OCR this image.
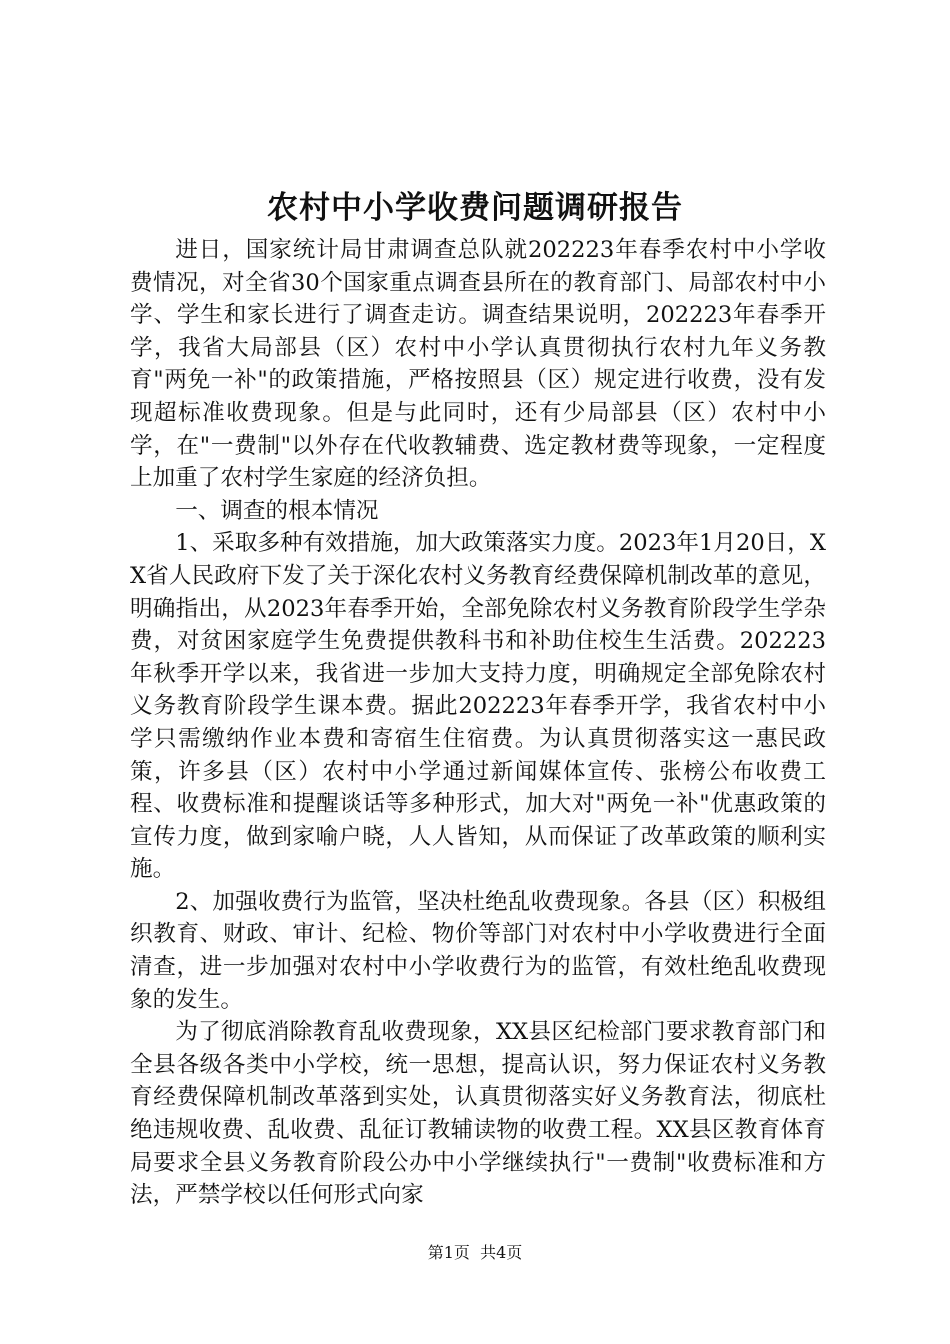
农村中小学收费问题调研报告

进日，国家统计局甘肃调查总队就202223年春季农村中小学收费情况，对全省30个国家重点调查县所在的教育部门、局部农村中小学、学生和家长进行了调查走访。调查结果说明，202223年春季开学，我省大局部县（区）农村中小学认真贯彻执行农村九年义务教育"两免一补"的政策措施，严格按照县（区）规定进行收费，没有发现超标准收费现象。但是与此同时，还有少局部县（区）农村中小学，在"一费制"以外存在代收教辅费、选定教材费等现象，一定程度上加重了农村学生家庭的经济负担。

一、调查的根本情况

1、采取多种有效措施，加大政策落实力度。2023年1月20日，XX省人民政府下发了关于深化农村义务教育经费保障机制改革的意见，明确指出，从2023年春季开始，全部免除农村义务教育阶段学生学杂费，对贫困家庭学生免费提供教科书和补助住校生生活费。202223年秋季开学以来，我省进一步加大支持力度，明确规定全部免除农村义务教育阶段学生课本费。据此202223年春季开学，我省农村中小学只需缴纳作业本费和寄宿生住宿费。为认真贯彻落实这一惠民政策，许多县（区）农村中小学通过新闻媒体宣传、张榜公布收费工程、收费标准和提醒谈话等多种形式，加大对"两免一补"优惠政策的宣传力度，做到家喻户晓，人人皆知，从而保证了改革政策的顺利实施。

2、加强收费行为监管，坚决杜绝乱收费现象。各县（区）积极组织教育、财政、审计、纪检、物价等部门对农村中小学收费进行全面清查，进一步加强对农村中小学收费行为的监管，有效杜绝乱收费现象的发生。

为了彻底消除教育乱收费现象，XX县区纪检部门要求教育部门和全县各级各类中小学校，统一思想，提高认识，努力保证农村义务教育经费保障机制改革落到实处，认真贯彻落实好义务教育法，彻底杜绝违规收费、乱收费、乱征订教辅读物的收费工程。XX县区教育体育局要求全县义务教育阶段公办中小学继续执行"一费制"收费标准和方法，严禁学校以任何形式向家

第1页  共4页
